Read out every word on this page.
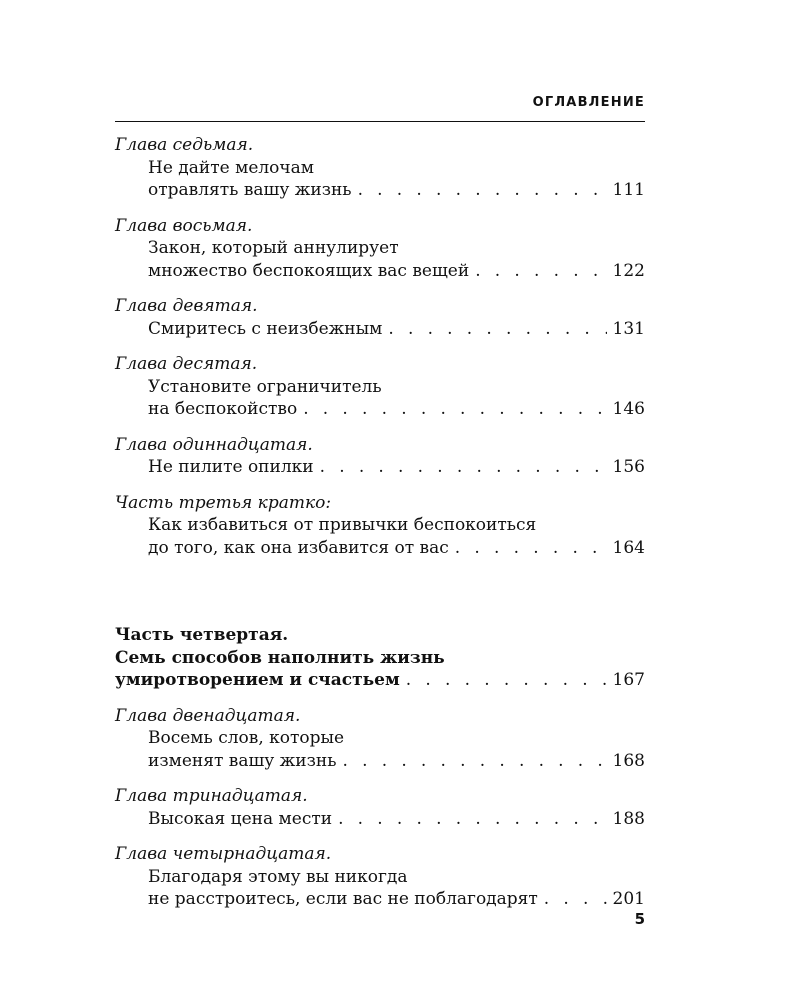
ОГЛАВЛЕНИЕ
Глава седьмая.
Не дайте мелочам
отравлять вашу жизнь . . .	111
Глава восьмая.
Закон, который аннулирует
множество беспокоящих вас вещей . . .	122
Глава девятая.
Смиритесь с неизбежным . . .	131
Глава десятая.
Установите ограничитель
на беспокойство . . .	146
Глава одиннадцатая.
Не пилите опилки . . .	156
Часть третья кратко:
Как избавиться от привычки беспокоиться
до того, как она избавится от вас . . .	164
Часть четвертая.
Семь способов наполнить жизнь
умиротворением и счастьем . . .	167
Глава двенадцатая.
Восемь слов, которые
изменят вашу жизнь . . .	168
Глава тринадцатая.
Высокая цена мести . . .	188
Глава четырнадцатая.
Благодаря этому вы никогда
не расстроитесь, если вас не поблагодарят . . .	201
5
